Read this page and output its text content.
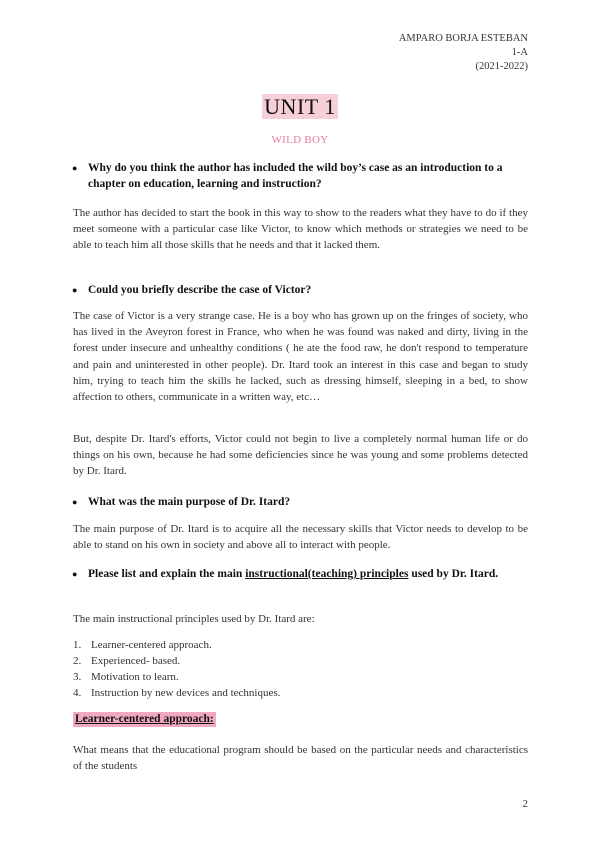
AMPARO BORJA ESTEBAN
1-A
(2021-2022)
UNIT 1
WILD BOY
● Why do you think the author has included the wild boy’s case as an introduction to a chapter on education, learning and instruction?
The author has decided to start the book in this way to show to the readers what they have to do if they meet someone with a particular case like Victor, to know which methods or strategies we need to be able to teach him all those skills that he needs and that it lacked them.
● Could you briefly describe the case of Victor?
The case of Victor is a very strange case. He is a boy who has grown up on the fringes of society, who has lived in the Aveyron forest in France, who when he was found was naked and dirty, living in the forest under insecure and unhealthy conditions ( he ate the food raw, he don't respond to temperature and pain and uninterested in other people). Dr. Itard took an interest in this case and began to study him, trying to teach him the skills he lacked, such as dressing himself, sleeping in a bed, to show affection to others, communicate in a written way, etc…
But, despite Dr. Itard's efforts, Victor could not begin to live a completely normal human life or do things on his own, because he had some deficiencies since he was young and some problems detected by Dr. Itard.
● What was the main purpose of Dr. Itard?
The main purpose of Dr. Itard is to acquire all the necessary skills that Victor needs to develop to be able to stand on his own in society and above all to interact with people.
● Please list and explain the main instructional(teaching) principles used by Dr. Itard.
The main instructional principles used by Dr. Itard are:
1. Learner-centered approach.
2. Experienced- based.
3. Motivation to learn.
4. Instruction by new devices and techniques.
Learner-centered approach:
What means that the educational program should be based on the particular needs and characteristics of the students
2
